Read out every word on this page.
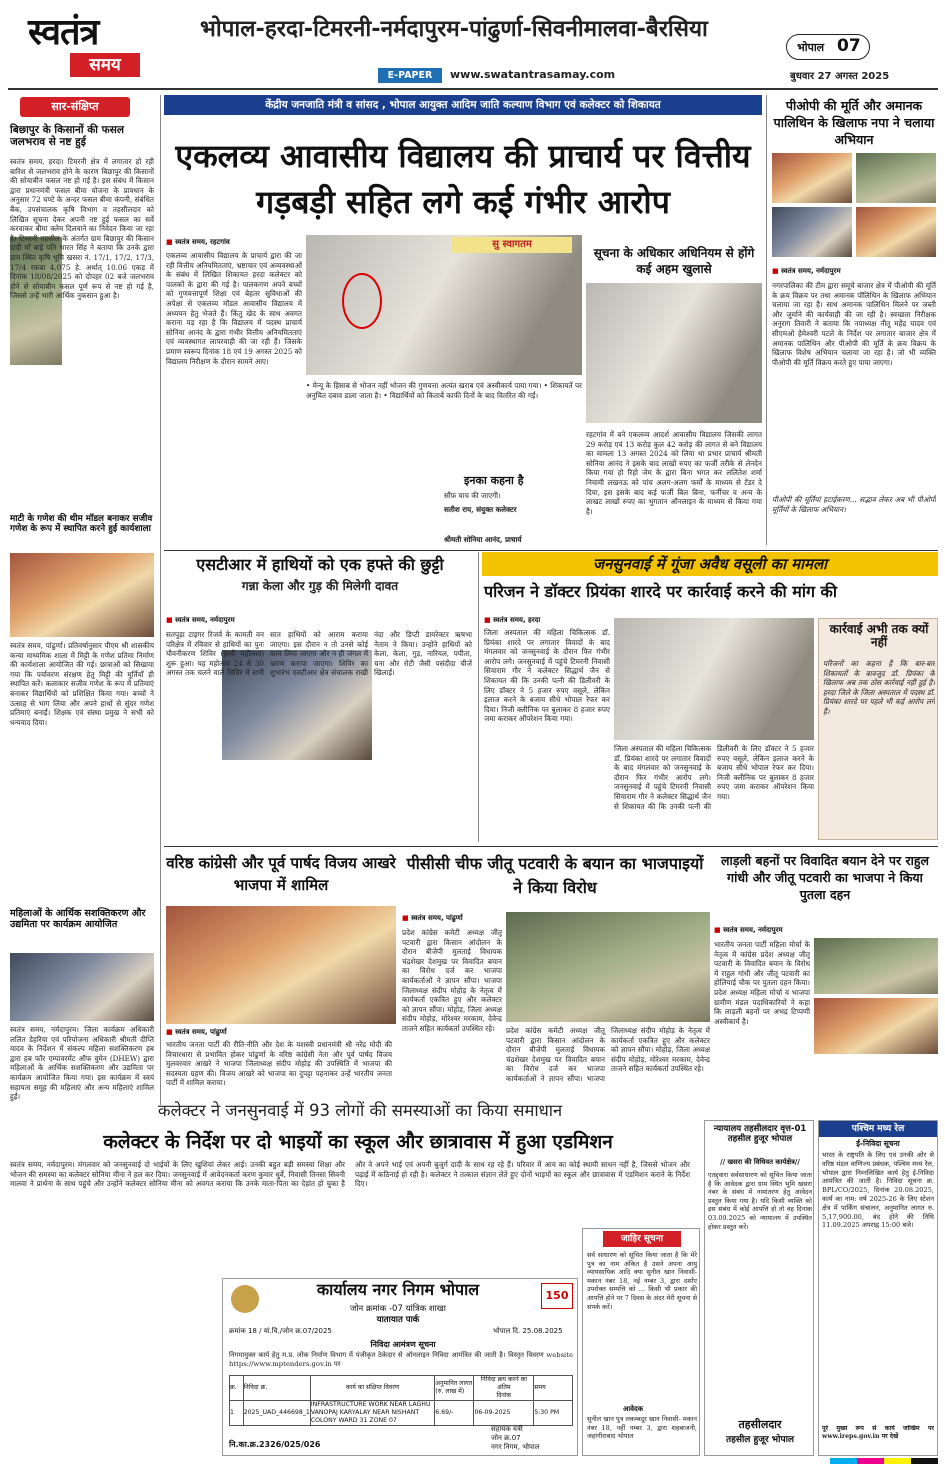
स्वतंत्र
समय
भोपाल-हरदा-टिमरनी-नर्मदापुरम-पांढुर्णा-सिवनीमालवा-बैरसिया
E-PAPER	www.swatantrasamay.com
भोपाल 07
बुधवार 27 अगस्त 2025
सार-संक्षिप्त
बिछापुर के किसानों की फसल जलभराव से नष्ट हुई
स्वतंत्र समय, हरदा। टिमरनी क्षेत्र में लगातार हो रही बारिश से जलभराव होने के कारण बिछापुर की किसानों की सोयाबीन फसल नष्ट हो गई है। इस संबंध में किसान द्वारा प्रधानमंत्री फसल बीमा योजना के प्रावधान के अनुसार 72 घण्टे के अन्दर फसल बीमा कंपनी, संबंधित बैंक, उपसंचालक कृषि विभाग व तहसीलदार को लिखित सूचना देकर अपनी नष्ट हुई फसल का सर्वे करवाकर बीमा क्लेम दिलवाने का निवेदन किया जा रहा है। टिमरनी तहसील के अंतर्गत ग्राम बिछापुर की किसान दादी माँ बाई पति भारत सिंह ने बताया कि उनके द्वारा ग्राम स्थित कृषि भूमि खसरा नं. 17/1, 17/2, 17/3, 17/4 रकबा 4.075 हे. अर्थात् 10.06 एकड़ में दिनांक 18/08/2025 को दोपहर 02 बजे जलभराव होने से सोयाबीन फसल पूर्ण रूप से नष्ट हो गई है, जिससे उन्हें भारी आर्थिक नुकसान हुआ है।
माटी के गणेश की थीम मॉडल बनाकर सजीव गणेश के रूप में स्थापित करने हुई कार्यशाला
स्वतंत्र समय, पांढुर्णा। प्रतिवर्षानुसार पीएम श्री शासकीय कन्या माध्यमिक शाला में मिट्टी के गणेश प्रतिमा निर्माण की कार्यशाला आयोजित की गई। छात्राओं को सिखाया गया कि पर्यावरण संरक्षण हेतु मिट्टी की मूर्तियाँ ही स्थापित करें। कलाकार सजीव गणेश के रूप में प्रतिमाएं बनाकर विद्यार्थियों को प्रशिक्षित किया गया। बच्चों ने उत्साह से भाग लिया और अपने हाथों से सुंदर गणेश प्रतिमाएं बनाईं। शिक्षक एवं संस्था प्रमुख ने सभी को धन्यवाद दिया।
महिलाओं के आर्थिक सशक्तिकरण और उद्यमिता पर कार्यक्रम आयोजित
स्वतंत्र समय, नर्मदापुरम। जिला कार्यक्रम अधिकारी ललित डेहरिया एवं परियोजना अधिकारी श्रीमती दीप्ति यादव के निर्देशन में संकल्प महिला सशक्तिकरण हब द्वारा हब फॉर एम्पावरमेंट ऑफ वुमेन (DHEW) द्वारा महिलाओं के आर्थिक सशक्तिकरण और उद्यमिता पर कार्यक्रम आयोजित किया गया। इस कार्यक्रम में स्वयं सहायता समूह की महिलाएं और अन्य महिलाएं शामिल हुईं।
केंद्रीय जनजाति मंत्री व सांसद , भोपाल आयुक्त आदिम जाति कल्याण विभाग एवं कलेक्टर को शिकायत
एकलव्य आवासीय विद्यालय की प्राचार्य पर वित्तीय गड़बड़ी सहित लगे कई गंभीर आरोप
■ स्वतंत्र समय, रहटगांव
एकलव्य आवासीय विद्यालय के प्राचार्य द्वारा की जा रही वित्तीय अनियमितताएं, भ्रष्टाचार एवं अव्यवस्थाओं के संबंध में लिखित शिकायत हरदा कलेक्टर को पालकों के द्वारा की गई है। पालकगण अपने बच्चों को गुणवत्तापूर्ण शिक्षा एवं बेहतर सुविधाओं की अपेक्षा से एकलव्य मॉडल आवासीय विद्यालय में अध्ययन हेतु भेजते हैं। किंतु खेद के साथ अवगत कराना पड़ रहा है कि विद्यालय में पदस्थ प्राचार्य सोनिया आनंद के द्वारा गंभीर वित्तीय अनियमितताएं एवं व्यवस्थागत लापरवाही की जा रही हैं। जिसके प्रमाण स्वरूप दिनांक 18 एवं 19 अगस्त 2025 को विद्यालय निरीक्षण के दौरान सामने आए।
सु स्वागतम
• मेन्यू के हिसाब से भोजन नहीं भोजन की गुणवत्ता अत्यंत खराब एवं अस्वीकार्य पाया गया। • शिकायतें पर अनुचित दबाव डाला जाता है। • विद्यार्थियों को किताबें काफी दिनों के बाद वितरित की गईं।
इनका कहना है
सौंफ़ वाच की जाएगी।
सतीश राय, संयुक्त कलेक्टर
श्रीमती सोनिया आनंद, प्राचार्य
सूचना के अधिकार अधिनियम से होंगे कई अहम खुलासे
रहटगांव में बने एकलव्य आदर्श आवासीय विद्यालय जिसकी लागत 29 करोड़ एवं 13 करोड़ कुल 42 करोड़ की लागत से बने विद्यालय का मामला 13 अगस्त 2024 को लिया था प्रभार प्राचार्य श्रीमती सोनिया आनंद ने इसके बाद लाखों रुपए का फर्जी तरीके से लेनदेन किया गया हो रिहो जेम के द्वारा बिना भगत कर ललितेश शर्मा नियामी लखनऊ को पांच अलग-अलग फर्मों के माध्यम से टेंडर दे दिया, इस इसके बाद कई फर्जी बिल बिना, फर्नीचर व अन्य के लाखट लाखों रुपए का भुगतान ऑनलाइन के माध्यम से किया गया है।
पीओपी की मूर्ति और अमानक पालिथिन के खिलाफ नपा ने चलाया अभियान
■ स्वतंत्र समय, नर्मदापुरम
नगरपालिका की टीम द्वारा समूचे बाजार क्षेत्र में पीओपी की मूर्ति के क्रय विक्रय पर तथा अमानक पॉलिथिन के खिलाफ अभियान चलाया जा रहा है। साथ अमानक पालिथिन मिलने पर जब्ती और जुर्माने की कार्यवाही की जा रही है। स्वच्छता निरीक्षक अनुराग तिवारी ने बताया कि नपाध्यक्ष नीतू महेंद्र यादव एवं सीएमओ हेमेश्वरी पटले के निर्देश पर लगातार बाजार क्षेत्र में अमानक पालिथिन और पीओपी की मूर्ति के क्रय विक्रय के खिलाफ विशेष अभियान चलाया जा रहा है। जो भी व्यक्ति पीओपी की मूर्ति विक्रय करते हुए पाया जाएगा।
पीओपी की मूर्तियां हटाईकरण... सद्भाव लेकर अब भी पीओपी मूर्तियों के खिलाफ अभियान।
एसटीआर में हाथियों को एक हफ्ते की छुट्टी
गन्ना केला और गुड़ की मिलेगी दावत
■ स्वतंत्र समय, नर्मदापुरम
सतपुड़ा टाइगर रिजर्व के कामती वन परिक्षेत्र में रविवार से हाथियों का पुनः यौवनीकरण शिविर (हाथी महोत्सव) शुरू हुआ। यह महोत्सव 24 से 30 अगस्त तक चलने वाले शिविर में सभी सात हाथियों को आराम कराया जाएगा। इस दौरान न तो उनसे कोई काम लिया जाएगा और न ही जंगल में भ्रमण कराया जाएगा। शिविर का शुभारंभ एसटीआर क्षेत्र संचालक राखी नंदा और डिप्टी डायरेक्टर ऋषभा नेताम ने किया। उन्होंने हाथियों को केला, केला, गुड़, नारियल, पपीता, चना और रोटी जैसी पसंदीदा चीजें खिलाईं।
जनसुनवाई में गूंजा अवैध वसूली का मामला
परिजन ने डॉक्टर प्रियंका शारदे पर कार्रवाई करने की मांग की
■ स्वतंत्र समय, हरदा
जिला अस्पताल की महिला चिकित्सक डॉ. प्रियंका शारदे पर लगातार विवादों के बाद मंगलवार को जनसुनवाई के दौरान फिर गंभीर आरोप लगे। जनसुनवाई में पहुंचे टिमरनी निवासी सियाराम गौर ने कलेक्टर सिद्धार्थ जैन से शिकायत की कि उनकी पत्नी की डिलीवरी के लिए डॉक्टर ने 5 हजार रुपए वसूले, लेकिन इलाज करने के बजाय सीधे भोपाल रेफर कर दिया। निजी क्लीनिक पर बुलाकर 8 हजार रुपए जमा कराकर ऑपरेशन किया गया।
जिला अस्पताल की महिला चिकित्सक डॉ. प्रियंका शारदे पर लगातार विवादों के बाद मंगलवार को जनसुनवाई के दौरान फिर गंभीर आरोप लगे। जनसुनवाई में पहुंचे टिमरनी निवासी सियाराम गौर ने कलेक्टर सिद्धार्थ जैन से शिकायत की कि उनकी पत्नी की डिलीवरी के लिए डॉक्टर ने 5 हजार रुपए वसूले, लेकिन इलाज करने के बजाय सीधे भोपाल रेफर कर दिया। निजी क्लीनिक पर बुलाकर 8 हजार रुपए जमा कराकर ऑपरेशन किया गया।
कार्रवाई अभी तक क्यों नहीं
परिजनों का कहना है कि बार-बार शिकायतों के बावजूद डॉ. प्रियंका के खिलाफ अब तक ठोस कार्रवाई नहीं हुई है। हरदा जिले के जिला अस्पताल में पदस्थ डॉ. प्रियंका शारदे पर पहले भी कई आरोप लगे हैं।
वरिष्ठ कांग्रेसी और पूर्व पार्षद विजय आखरे भाजपा में शामिल
■ स्वतंत्र समय, पांढुर्णा
भारतीय जनता पार्टी की रीति-नीति और देश के यशस्वी प्रधानमंत्री श्री नरेंद्र मोदी की विचारधारा से प्रभावित होकर पांढुर्णा के वरिष्ठ कांग्रेसी नेता और पूर्व पार्षद विजय मुलवरवार आखरे ने भाजपा जिलाध्यक्ष संदीप मोहोड़ की उपस्थिति में भाजपा की सदस्यता ग्रहण की। विजय आखरे को भाजपा का दुपट्टा पहनाकर उन्हें भारतीय जनता पार्टी में शामिल कराया।
पीसीसी चीफ जीतू पटवारी के बयान का भाजपाइयों ने किया विरोध
■ स्वतंत्र समय, पांढुर्णा
प्रदेश कांग्रेस कमेटी अध्यक्ष जीतू पटवारी द्वारा किसान आंदोलन के दौरान बीजेपी मुलताई विधायक चंद्रशेखर देशमुख पर विवादित बयान का विरोध दर्ज कर भाजपा कार्यकर्ताओं ने ज्ञापन सौंपा। भाजपा जिलाध्यक्ष संदीप मोहोड़ के नेतृत्व में कार्यकर्ता एकत्रित हुए और कलेक्टर को ज्ञापन सौंपा। मोहोड़, जिला अध्यक्ष संदीप मोहोड़, मोरेश्वर मरकाम, देवेन्द्र ताजने सहित कार्यकर्ता उपस्थित रहे।	प्रदेश कांग्रेस कमेटी अध्यक्ष जीतू पटवारी द्वारा किसान आंदोलन के दौरान बीजेपी मुलताई विधायक चंद्रशेखर देशमुख पर विवादित बयान का विरोध दर्ज कर भाजपा कार्यकर्ताओं ने ज्ञापन सौंपा। भाजपा जिलाध्यक्ष संदीप मोहोड़ के नेतृत्व में कार्यकर्ता एकत्रित हुए और कलेक्टर को ज्ञापन सौंपा। मोहोड़, जिला अध्यक्ष संदीप मोहोड़, मोरेश्वर मरकाम, देवेन्द्र ताजने सहित कार्यकर्ता उपस्थित रहे।
लाड़ली बहनों पर विवादित बयान देने पर राहुल गांधी और जीतू पटवारी का भाजपा ने किया पुतला दहन
■ स्वतंत्र समय, नर्मदापुरम
भारतीय जनता पार्टी महिला मोर्चा के नेतृत्व में कांग्रेस प्रदेश अध्यक्ष जीतू पटवारी के विवादित बयान के विरोध में राहुल गांधी और जीतू पटवारी का होलियाई चौक पर पुतला दहन किया। प्रदेश अध्यक्ष महिला मोर्चा व भाजपा ग्रामीण मंडल पदाधिकारियों ने कहा कि लाड़ली बहनों पर अभद्र टिप्पणी अस्वीकार्य है।
कलेक्टर ने जनसुनवाई में 93 लोगों की समस्याओं का किया समाधान
कलेक्टर के निर्देश पर दो भाइयों का स्कूल और छात्रावास में हुआ एडमिशन
स्वतंत्र समय, नर्मदापुरम। मंगलवार को जनसुनवाई दो भाईयों के लिए खुशियां लेकर आई। उनकी बहुत बड़ी समस्या शिक्षा और भोजन की समस्या का कलेक्टर सोनिया मीना ने हल कर दिया। जनसुनवाई में आवेदनकर्ता करण कुमार धुर्वे, निवासी तिनसा सिवनी मालवा ने प्रार्थना के साथ पहुंचे और उन्होंने कलेक्टर सोनिया मीना को अवगत कराया कि उनके माता-पिता का देहांत हो चुका है और वे अपने भाई एवं अपनी बुजुर्ग दादी के साथ रह रहे हैं। परिवार में आय का कोई स्थायी साधन नहीं है, जिससे भोजन और पढ़ाई में कठिनाई हो रही है। कलेक्टर ने तत्काल संज्ञान लेते हुए दोनों भाइयों का स्कूल और छात्रावास में एडमिशन कराने के निर्देश दिए।
कार्यालय नगर निगम भोपाल
जोन क्रमांक -07 यांत्रिक शाखा
यातायात पार्क
150
क्रमांक 18 / यां.वि./जोन क्र.07/2025	भोपाल दि. 25.08.2025
निविदा आमंत्रण सूचना
निगमायुक्त कार्य हेतु म.प्र. लोक निर्माण विभाग में पंजीकृत ठेकेदार से ऑनलाइन निविदा आमंत्रित की जाती है। विस्तृत विवरण website https://www.mptenders.gov.in पर
क्र.	निविदा क्र.	कार्य का संक्षिप्त विवरण	अनुमानित लागत (रु. लाख में)	निविदा क्रय करने का अंतिम
दिनांक	समय
1	2025_UAD_446698_1	INFRASTRUCTURE WORK NEAR LAGHU VANOPAJ KARYALAY NEAR NISHANT COLONY WARD 31 ZONE 07	6.69/-	06-09-2025	5:30 PM
सहायक यंत्री
जोन क्र.07
नगर निगम, भोपाल
नि.का.क्र.2326/025/026
जाहिर सूचना
सर्व साधारण को सूचित किया जाता है कि मेरे पुत्र का नाम अंकित है उसने अपना आयु व्यायसायिक आदि क्या सुनील खान निवासी-मकान नंबर 18, नई नम्बर 3, द्वारा दर्शाए उपरोक्त सम्पत्ति को ... किसी भी प्रकार की आपत्ति होने पर 7 दिवस के अंदर मेरी सूचना से संपर्क करें।
आवेदक
सुनील खान पुत्र लकम्बदुर खान निवासी- मकान नंबर 18, नहीं नम्बर 3, द्वारा शहबाजनी, जहांगीराबाद भोपाल
न्यायालय तहसीलदार वृत्त-01 तहसील हुजूर भोपाल
// खसरा की विधिवत कार्यक्षेत्र//
एतद्द्वारा सर्वसाधारण को सूचित किया जाता है कि आवेदक द्वारा ग्राम स्थित भूमि खसरा नंबर के संबंध में नामांतरण हेतु आवेदन प्रस्तुत किया गया है। यदि किसी व्यक्ति को इस संबंध में कोई आपत्ति हो तो वह दिनांक 03.09.2025 को न्यायालय में उपस्थित होकर प्रस्तुत करें।
तहसीलदार
तहसील हुजूर भोपाल
पश्चिम मध्य रेल
ई-निविदा सूचना
भारत के राष्ट्रपति के लिए एवं उनकी ओर से वरिष्ठ मंडल वाणिज्य प्रबंधक, पश्चिम मध्य रेल, भोपाल द्वारा निम्नलिखित कार्य हेतु ई-निविदा आमंत्रित की जाती है। निविदा सूचना क्र. BPL/CO/2025, दिनांक 20.08.2025, कार्य का नाम: वर्ष 2025-26 के लिए स्टेशन क्षेत्र में पार्किंग संचालन, अनुमानित लागत रु. 5,17,900.00, बंद होने की तिथि 11.09.2025 अपराह्न 15:00 बजे।
पूरे मुख्य रूप से कार्य जोखिम पर www.ireps.gov.in पर देखें
